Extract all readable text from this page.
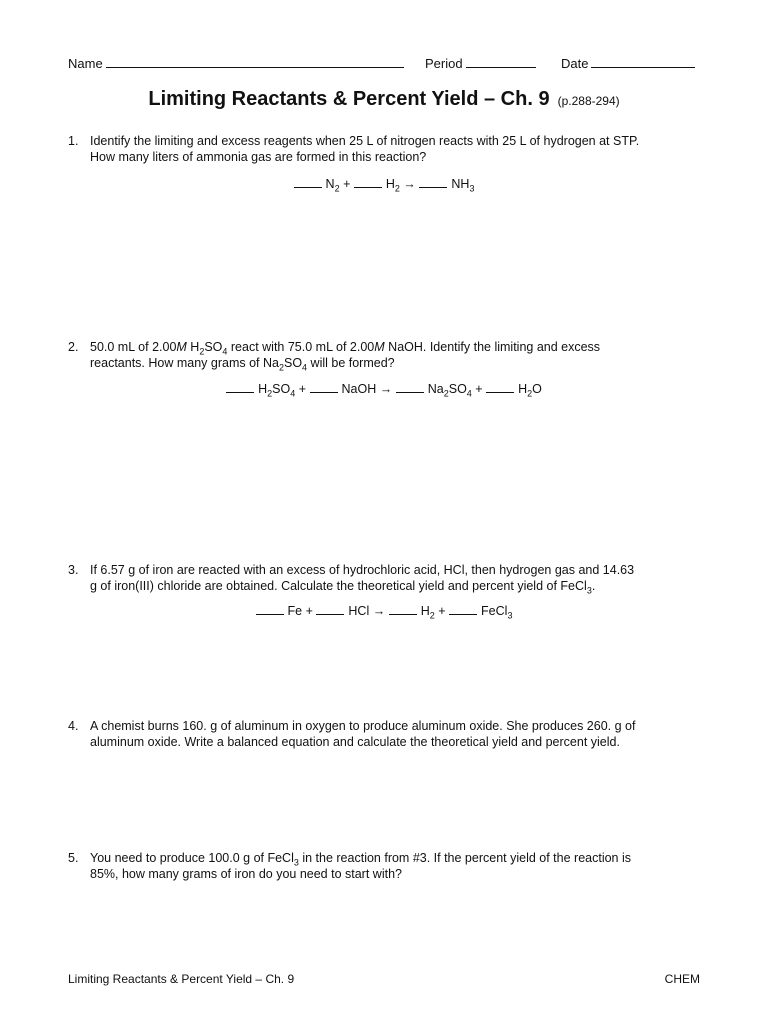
Name	Period	Date
Limiting Reactants & Percent Yield – Ch. 9 (p.288-294)
1. Identify the limiting and excess reagents when 25 L of nitrogen reacts with 25 L of hydrogen at STP.
How many liters of ammonia gas are formed in this reaction?
$N_2$ +	$H_2$ →	$NH_3$
2. 50.0 mL of 2.00M $H_2SO_4$ react with 75.0 mL of 2.00M NaOH. Identify the limiting and excess
reactants. How many grams of $Na_2SO_4$ will be formed?
$H_2SO_4$ +	NaOH →	$Na_2SO_4$ +	$H_2O$
3. If 6.57 g of iron are reacted with an excess of hydrochloric acid, HCl, then hydrogen gas and 14.63
g of iron(III) chloride are obtained. Calculate the theoretical yield and percent yield of FeCl$_3$.
Fe +	HCl →	$H_2$ +	FeCl$_3$
4. A chemist burns 160. g of aluminum in oxygen to produce aluminum oxide. She produces 260. g of
aluminum oxide. Write a balanced equation and calculate the theoretical yield and percent yield.
5. You need to produce 100.0 g of FeCl$_3$ in the reaction from #3. If the percent yield of the reaction is
85%, how many grams of iron do you need to start with?
Limiting Reactants & Percent Yield – Ch. 9	CHEM
